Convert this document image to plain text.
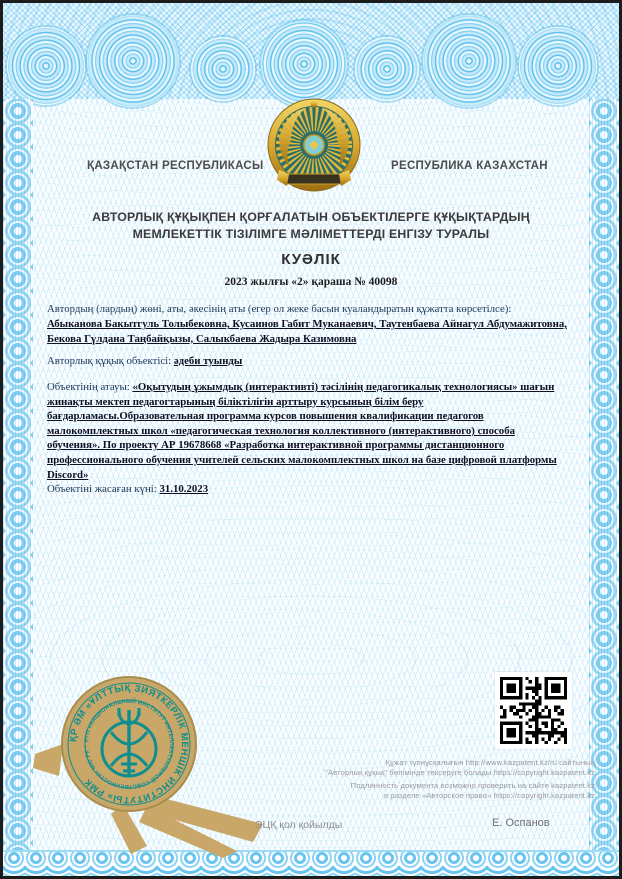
ҚАЗАҚСТАН РЕСПУБЛИКАСЫ	РЕСПУБЛИКА КАЗАХСТАН
АВТОРЛЫҚ ҚҰҚЫҚПЕН ҚОРҒАЛАТЫН ОБЪЕКТІЛЕРГЕ ҚҰҚЫҚТАРДЫҢ
МЕМЛЕКЕТТІК ТІЗІЛІМГЕ МӘЛІМЕТТЕРДІ ЕНГІЗУ ТУРАЛЫ
КУӘЛІК
2023 жылғы «2» қараша № 40098
Автордың (лардың) жөні, аты, әкесінің аты (егер ол жеке басын куаландыратын құжатта көрсетілсе):
Абыканова Бакытгуль Толыбековна, Кусаинов Габит Муканаевич, Таутенбаева Айнагул Абдумажитовна, Бекова Гүлдана Таңбайқызы, Салыкбаева Жадыра Казимовна
Авторлық құқық объектісі: әдеби туынды
Объектінің атауы: «Оқытудың ұжымдық (интерактивті) тәсілінің педагогикалық технологиясы» шағын жинақты мектеп педагогтарының біліктілігін арттыру курсының білім беру бағдарламасы.Образовательная программа курсов повышения квалификации педагогов малокомплектных школ «педагогическая технология коллективного (интерактивного) способа обучения». По проекту АР 19678668 «Разработка интерактивной программы дистанционного профессионального обучения учителей сельских малокомплектных школ на базе цифровой платформы Discord»
Объектіні жасаған күні: 31.10.2023
ҚР ӘМ «ҰЛТТЫҚ ЗИЯТКЕРЛІК МЕНШІК ИНСТИТУТЫ» РМК
РГП «НАЦИОНАЛЬНЫЙ ИНСТИТУТ ИНТЕЛЛЕКТУАЛЬНОЙ СОБСТВЕННОСТИ» МЮ РК *

Құжат түпнұсқалығын http://www.kazpatent.kz/ru сайтының
"Авторлық құқық" бөлімінде тексеруге болады https://copyright.kazpatent.kz

Подлинность документа возможно проверить на сайте kazpatent.kz
в разделе «Авторское право» https://copyright.kazpatent.kz

ЭЦҚ қол қойылды	Е. Оспанов
